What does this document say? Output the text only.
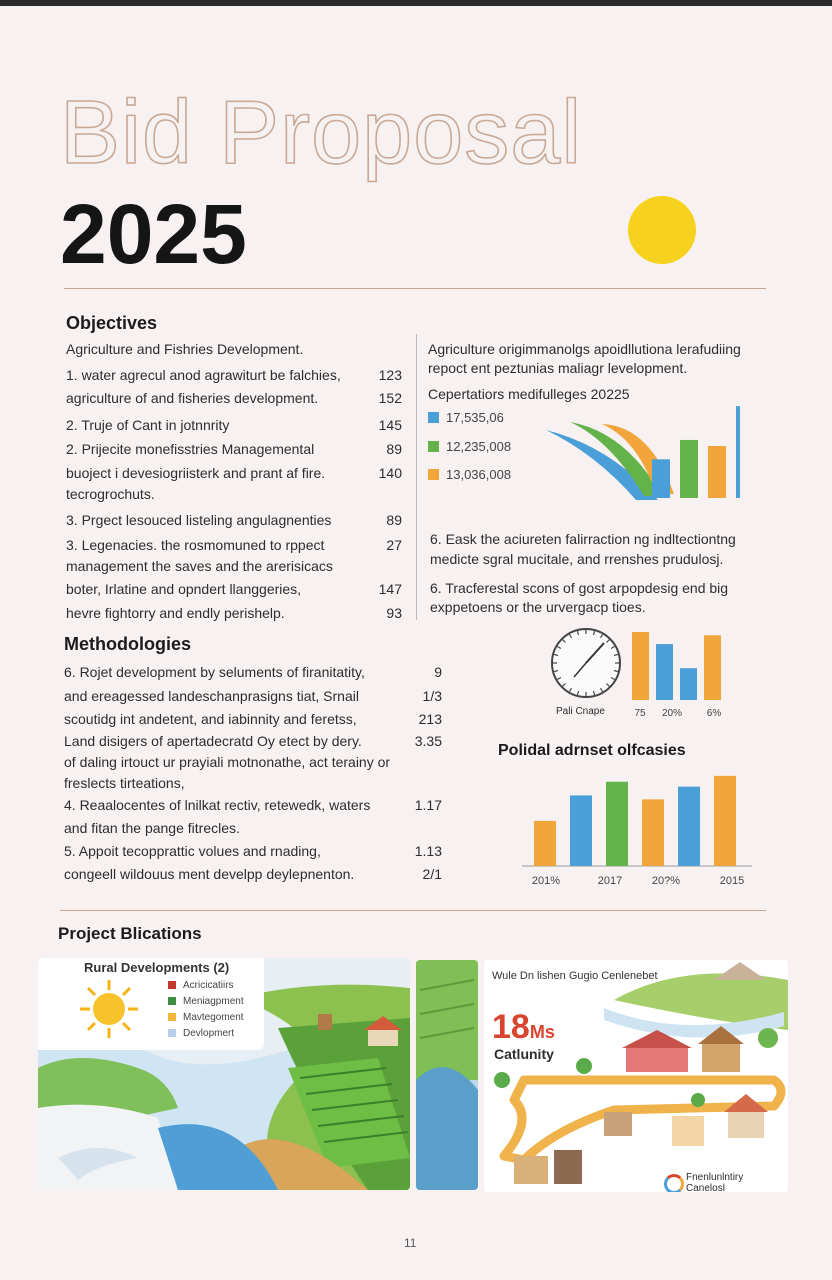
Bid Proposal
2025
Objectives
Agriculture and Fishries Development.
1. water agrecul anod agrawiturt be falchies,	123
agriculture of and fisheries development.	152
2. Truje of Cant in jotnnrity	145
2. Prijecite monefisstries Managemental	89
buoject i devesiogriisterk and prant af fire.	140
tecrogrochuts.
3. Prgect lesouced listeling angulagnenties	89
3. Legenacies. the rosmomuned to rppect	27
management the saves and the arerisicacs
boter, Irlatine and opndert llanggeries,	147
hevre fightorry and endly perishelp.	93
Agriculture origimmanolgs apoidllutiona lerafudiing
repoct ent peztunias maliagr levelopment.
Cepertatiors medifulleges 20225
17,535,06
12,235,008
13,036,008
6. Eask the aciureten falirraction ng indltectiontng
medicte sgral mucitale, and rrenshes prudulosj.
6. Tracferestal scons of gost arpopdesig end big
exppetoens or the urvergacp tioes.
Methodologies
6. Rojet development by seluments of firanitatity,	9
and ereagessed landeschanprasigns tiat, Srnail	1/3
scoutidg int andetent, and iabinnity and feretss,	213
Land disigers of apertadecratd Oy etect by dery.	3.35
of daling irtouct ur prayiali motnonathe, act terainy or
freslects tirteations,
4. Reaalocentes of lnilkat rectiv, retewedk, waters	1.17
and fitan the pange fitrecles.
5. Appoit tecopprattic volues and rnading,	1.13
congeell wildouus ment develpp deylepnenton.	2/1
Pali Cnape	75 20% 6%
Polidal adrnset olfcasies
201%	2017	20?%	2015
Project Blications
Rural Developments (2)
Acricicatiirs
Meniagpment
Mavtegoment
Devlopmert
Wule Dn lishen Gugio Cenlenebet
18Ms
Catlunity
Fnenlunlntiry
Canelosl
11
